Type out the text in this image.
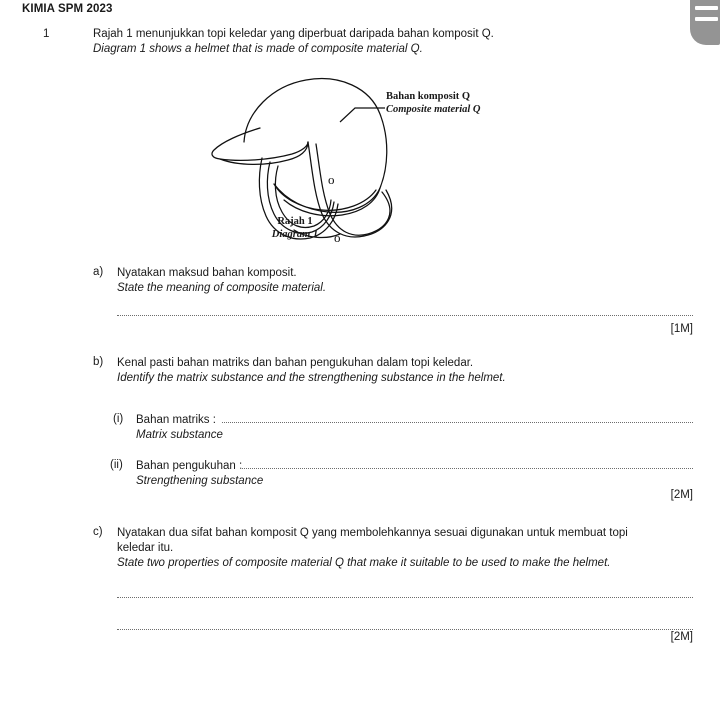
KIMIA SPM 2023
1	Rajah 1 menunjukkan topi keledar yang diperbuat daripada bahan komposit Q.
Diagram 1 shows a helmet that is made of composite material Q.
o
o
Bahan komposit Q
Composite material Q
Rajah 1
Diagram 1
a) Nyatakan maksud bahan komposit.
State the meaning of composite material.
[1M]
b) Kenal pasti bahan matriks dan bahan pengukuhan dalam topi keledar.
Identify the matrix substance and the strengthening substance in the helmet.
(i) Bahan matriks :
Matrix substance
(ii) Bahan pengukuhan :
Strengthening substance
[2M]
c) Nyatakan dua sifat bahan komposit Q yang membolehkannya sesuai digunakan untuk membuat topi
keledar itu.
State two properties of composite material Q that make it suitable to be used to make the helmet.
[2M]
